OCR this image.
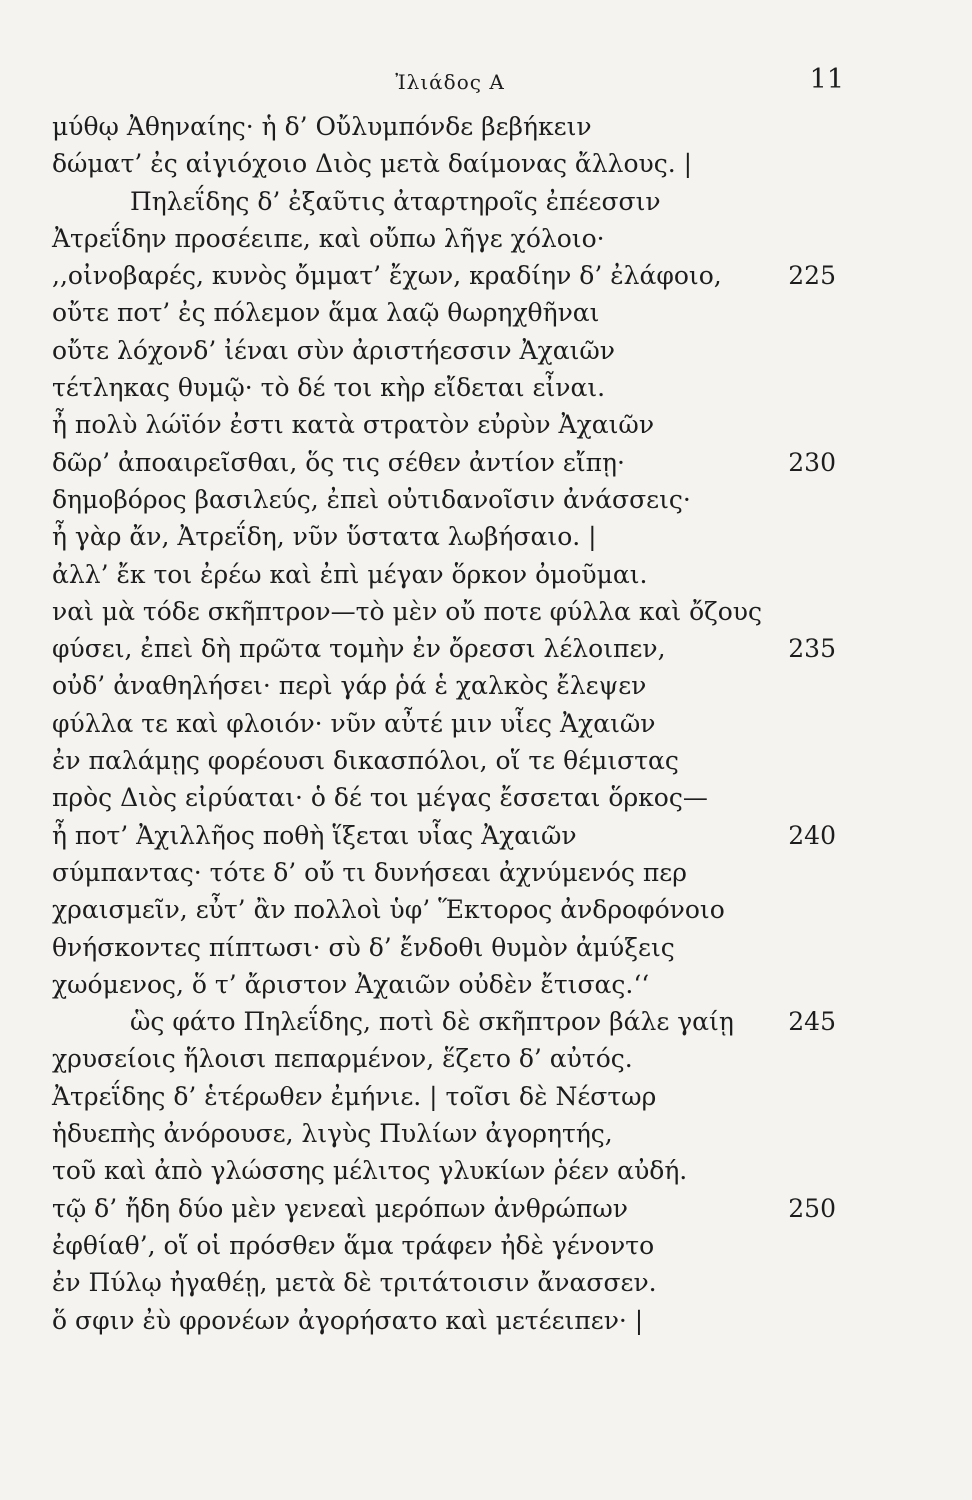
Ἰλιάδος Α	11
μύθῳ Ἀθηναίης· ἡ δ’ Οὔλυμπόνδε βεβήκειν
δώματ’ ἐς αἰγιόχοιο Διὸς μετὰ δαίμονας ἄλλους. |
Πηλεΐδης δ’ ἐξαῦτις ἀταρτηροῖς ἐπέεσσιν
Ἀτρεΐδην προσέειπε, καὶ οὔπω λῆγε χόλοιο·
,,οἰνοβαρές, κυνὸς ὄμματ’ ἔχων, κραδίην δ’ ἐλάφοιο,	225
οὔτε ποτ’ ἐς πόλεμον ἅμα λαῷ θωρηχθῆναι
οὔτε λόχονδ’ ἰέναι σὺν ἀριστήεσσιν Ἀχαιῶν
τέτληκας θυμῷ· τὸ δέ τοι κὴρ εἴδεται εἶναι.
ἦ πολὺ λώϊόν ἐστι κατὰ στρατὸν εὐρὺν Ἀχαιῶν
δῶρ’ ἀποαιρεῖσθαι, ὅς τις σέθεν ἀντίον εἴπῃ·	230
δημοβόρος βασιλεύς, ἐπεὶ οὐτιδανοῖσιν ἀνάσσεις·
ἦ γὰρ ἄν, Ἀτρεΐδη, νῦν ὕστατα λωβήσαιο. |
ἀλλ’ ἔκ τοι ἐρέω καὶ ἐπὶ μέγαν ὅρκον ὀμοῦμαι.
ναὶ μὰ τόδε σκῆπτρον—τὸ μὲν οὔ ποτε φύλλα καὶ ὄζους
φύσει, ἐπεὶ δὴ πρῶτα τομὴν ἐν ὄρεσσι λέλοιπεν,	235
οὐδ’ ἀναθηλήσει· περὶ γάρ ῥά ἑ χαλκὸς ἔλεψεν
φύλλα τε καὶ φλοιόν· νῦν αὖτέ μιν υἷες Ἀχαιῶν
ἐν παλάμῃς φορέουσι δικασπόλοι, οἵ τε θέμιστας
πρὸς Διὸς εἰρύαται· ὁ δέ τοι μέγας ἔσσεται ὅρκος—
ἦ ποτ’ Ἀχιλλῆος ποθὴ ἵξεται υἷας Ἀχαιῶν	240
σύμπαντας· τότε δ’ οὔ τι δυνήσεαι ἀχνύμενός περ
χραισμεῖν, εὖτ’ ἂν πολλοὶ ὑφ’ Ἕκτορος ἀνδροφόνοιο
θνήσκοντες πίπτωσι· σὺ δ’ ἔνδοθι θυμὸν ἀμύξεις
χωόμενος, ὅ τ’ ἄριστον Ἀχαιῶν οὐδὲν ἔτισας.‘‘
ὣς φάτο Πηλεΐδης, ποτὶ δὲ σκῆπτρον βάλε γαίῃ 245
χρυσείοις ἥλοισι πεπαρμένον, ἕζετο δ’ αὐτός.
Ἀτρεΐδης δ’ ἑτέρωθεν ἐμήνιε. | τοῖσι δὲ Νέστωρ
ἡδυεπὴς ἀνόρουσε, λιγὺς Πυλίων ἀγορητής,
τοῦ καὶ ἀπὸ γλώσσης μέλιτος γλυκίων ῥέεν αὐδή.
τῷ δ’ ἤδη δύο μὲν γενεαὶ μερόπων ἀνθρώπων	250
ἐφθίαθ’, οἵ οἱ πρόσθεν ἅμα τράφεν ἠδὲ γένοντο
ἐν Πύλῳ ἠγαθέῃ, μετὰ δὲ τριτάτοισιν ἄνασσεν.
ὅ σφιν ἐὺ φρονέων ἀγορήσατο καὶ μετέειπεν· |
